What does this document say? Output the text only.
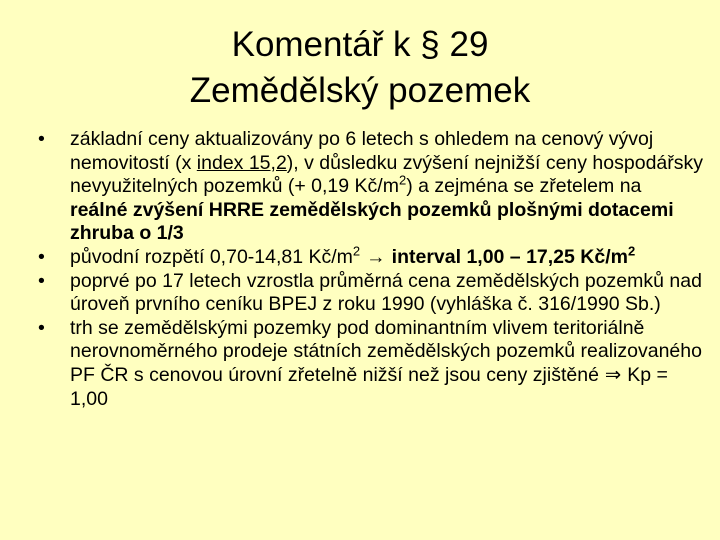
Komentář k § 29
Zemědělský pozemek
• základní ceny aktualizovány po 6 letech s ohledem na cenový vývoj nemovitostí (x index 15,2), v důsledku zvýšení nejnižší ceny hospodářsky nevyužitelných pozemků (+ 0,19 $Kč/m^2$) a zejména se zřetelem na reálné zvýšení HRRE zemědělských pozemků plošnými dotacemi zhruba o 1/3
• původní rozpětí 0,70-14,81 $Kč/m^2$ → interval 1,00 – 17,25 $Kč/m^2$
• poprvé po 17 letech vzrostla průměrná cena zemědělských pozemků nad úroveň prvního ceníku BPEJ z roku 1990 (vyhláška č. 316/1990 Sb.)
• trh se zemědělskými pozemky pod dominantním vlivem teritoriálně nerovnoměrného prodeje státních zemědělských pozemků realizovaného PF ČR s cenovou úrovní zřetelně nižší než jsou ceny zjištěné ⇒ Kp = 1,00
